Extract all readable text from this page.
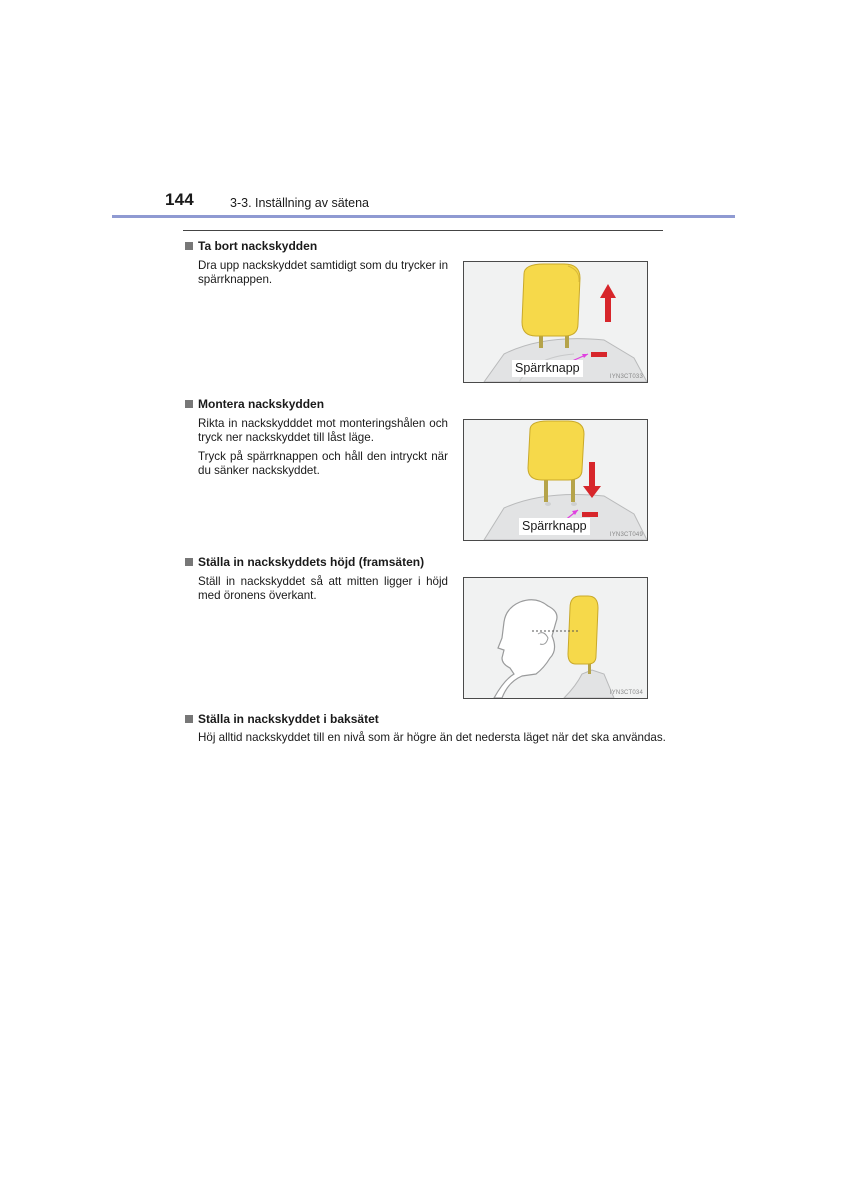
144	3-3. Inställning av sätena
Ta bort nackskydden
Dra upp nackskyddet samtidigt som du trycker in spärrknappen.
Spärrknapp
IYN3CT033
Montera nackskydden
Rikta in nackskydddet mot monteringshålen och tryck ner nackskyddet till låst läge.
Tryck på spärrknappen och håll den intryckt när du sänker nackskyddet.
Spärrknapp
IYN3CT049
Ställa in nackskyddets höjd (framsäten)
Ställ in nackskyddet så att mitten ligger i höjd med öronens överkant.
IYN3CT034
Ställa in nackskyddet i baksätet
Höj alltid nackskyddet till en nivå som är högre än det nedersta läget när det ska användas.
